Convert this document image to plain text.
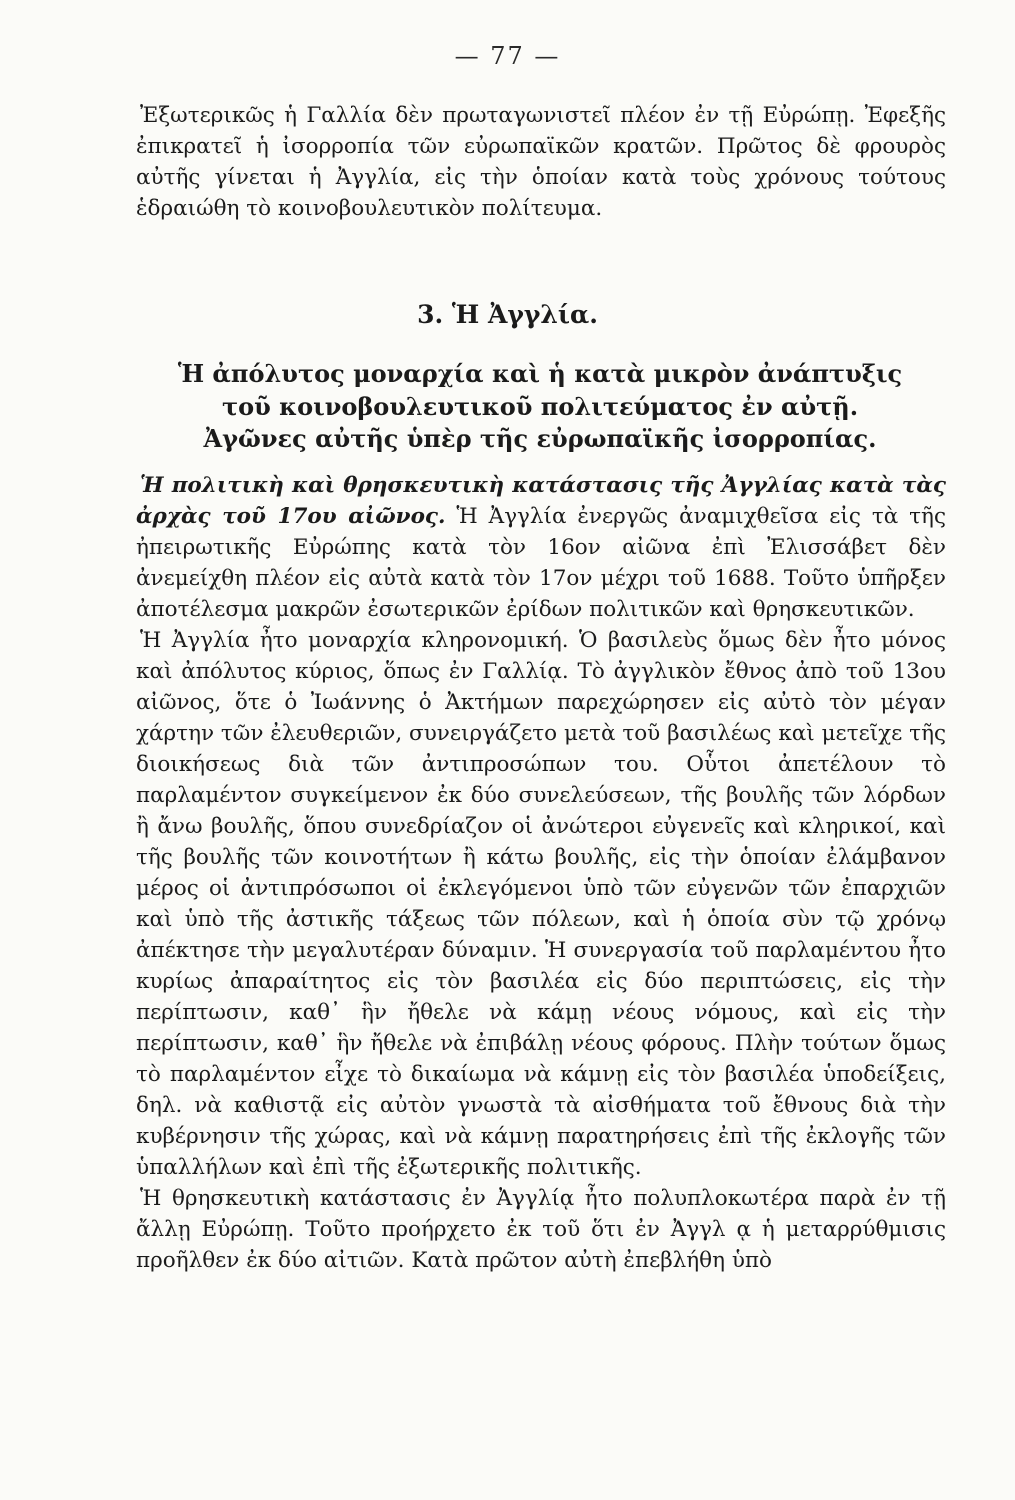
— 77 —

Ἐξωτερικῶς ἡ Γαλλία δὲν πρωταγωνιστεῖ πλέον ἐν τῇ Εὐρώπῃ. Ἐφεξῆς ἐπικρατεῖ ἡ ἰσορροπία τῶν εὐρωπαϊκῶν κρατῶν. Πρῶτος δὲ φρουρὸς αὐτῆς γίνεται ἡ Ἀγγλία, εἰς τὴν ὁποίαν κατὰ τοὺς χρόνους τούτους ἑδραιώθη τὸ κοινοβουλευτικὸν πολίτευμα.

3. Ἡ Ἀγγλία.
Ἡ ἀπόλυτος μοναρχία καὶ ἡ κατὰ μικρὸν ἀνάπτυξις τοῦ κοινοβουλευτικοῦ πολιτεύματος ἐν αὐτῇ.
Ἀγῶνες αὐτῆς ὑπὲρ τῆς εὐρωπαϊκῆς ἰσορροπίας.

Ἡ πολιτικὴ καὶ θρησκευτικὴ κατάστασις τῆς Ἀγγλίας κατὰ τὰς ἀρχὰς τοῦ 17ου αἰῶνος. Ἡ Ἀγγλία ἐνεργῶς ἀναμιχθεῖσα εἰς τὰ τῆς ἠπειρωτικῆς Εὐρώπης κατὰ τὸν 16ον αἰῶνα ἐπὶ Ἐλισσάβετ δὲν ἀνεμείχθη πλέον εἰς αὐτὰ κατὰ τὸν 17ον μέχρι τοῦ 1688. Τοῦτο ὑπῆρξεν ἀποτέλεσμα μακρῶν ἐσωτερικῶν ἐρίδων πολιτικῶν καὶ θρησκευτικῶν.

Ἡ Ἀγγλία ἦτο μοναρχία κληρονομική. Ὁ βασιλεὺς ὅμως δὲν ἦτο μόνος καὶ ἀπόλυτος κύριος, ὅπως ἐν Γαλλίᾳ. Τὸ ἀγγλικὸν ἔθνος ἀπὸ τοῦ 13ου αἰῶνος, ὅτε ὁ Ἰωάννης ὁ Ἀκτήμων παρεχώρησεν εἰς αὐτὸ τὸν μέγαν χάρτην τῶν ἐλευθεριῶν, συνειργάζετο μετὰ τοῦ βασιλέως καὶ μετεῖχε τῆς διοικήσεως διὰ τῶν ἀντιπροσώπων του. Οὗτοι ἀπετέλουν τὸ παρλαμέντον συγκείμενον ἐκ δύο συνελεύσεων, τῆς βουλῆς τῶν λόρδων ἢ ἄνω βουλῆς, ὅπου συνεδρίαζον οἱ ἀνώτεροι εὐγενεῖς καὶ κληρικοί, καὶ τῆς βουλῆς τῶν κοινοτήτων ἢ κάτω βουλῆς, εἰς τὴν ὁποίαν ἐλάμβανον μέρος οἱ ἀντιπρόσωποι οἱ ἐκλεγόμενοι ὑπὸ τῶν εὐγενῶν τῶν ἐπαρχιῶν καὶ ὑπὸ τῆς ἀστικῆς τάξεως τῶν πόλεων, καὶ ἡ ὁποία σὺν τῷ χρόνῳ ἀπέκτησε τὴν μεγαλυτέραν δύναμιν. Ἡ συνεργασία τοῦ παρλαμέντου ἦτο κυρίως ἀπαραίτητος εἰς τὸν βασιλέα εἰς δύο περιπτώσεις, εἰς τὴν περίπτωσιν, καθ᾽ ἣν ἤθελε νὰ κάμῃ νέους νόμους, καὶ εἰς τὴν περίπτωσιν, καθ᾽ ἣν ἤθελε νὰ ἐπιβάλῃ νέους φόρους. Πλὴν τούτων ὅμως τὸ παρλαμέντον εἶχε τὸ δικαίωμα νὰ κάμνῃ εἰς τὸν βασιλέα ὑποδείξεις, δηλ. νὰ καθιστᾷ εἰς αὐτὸν γνωστὰ τὰ αἰσθήματα τοῦ ἔθνους διὰ τὴν κυβέρνησιν τῆς χώρας, καὶ νὰ κάμνῃ παρατηρήσεις ἐπὶ τῆς ἐκλογῆς τῶν ὑπαλλήλων καὶ ἐπὶ τῆς ἐξωτερικῆς πολιτικῆς.

Ἡ θρησκευτικὴ κατάστασις ἐν Ἀγγλίᾳ ἦτο πολυπλοκωτέρα παρὰ ἐν τῇ ἄλλῃ Εὐρώπῃ. Τοῦτο προήρχετο ἐκ τοῦ ὅτι ἐν Ἀγγλ ᾳ ἡ μεταρρύθμισις προῆλθεν ἐκ δύο αἰτιῶν. Κατὰ πρῶτον αὐτὴ ἐπεβλήθη ὑπὸ
